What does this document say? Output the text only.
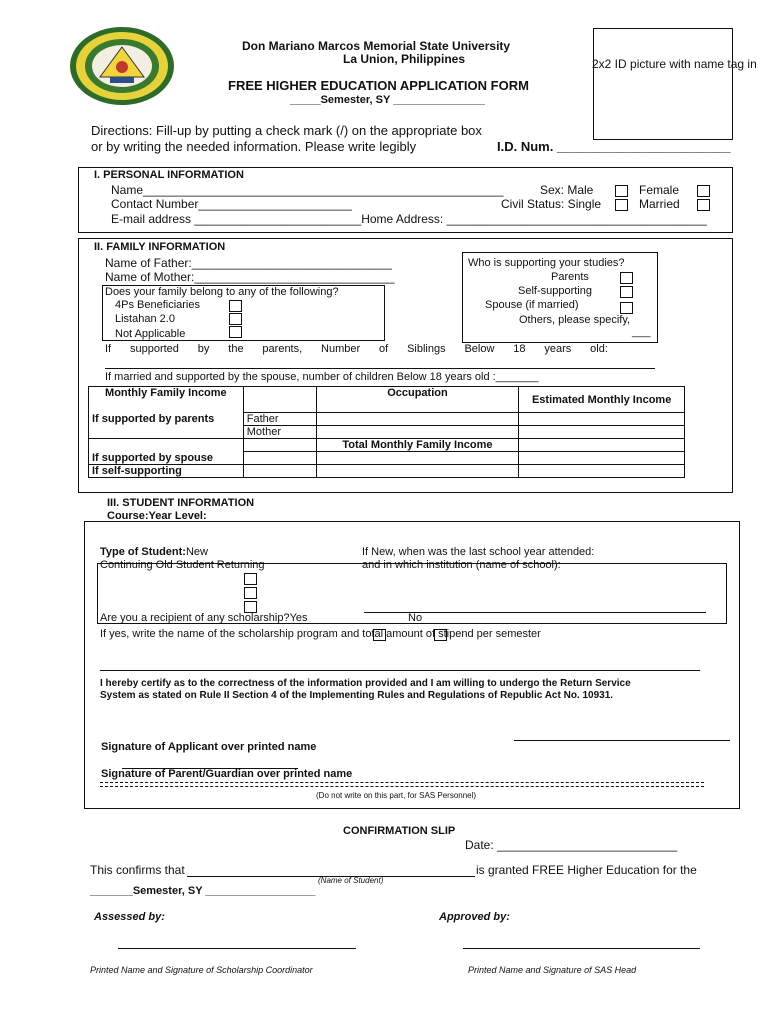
Don Mariano Marcos Memorial State University
La Union, Philippines
FREE HIGHER EDUCATION APPLICATION FORM
_____Semester, SY _______________
2x2 ID picture with name tag in
Directions: Fill-up by putting a check mark (/) on the appropriate box
or by writing the needed information. Please write legibly	I.D. Num. ________________________
I. PERSONAL INFORMATION
Name______________________________________________________	Sex: Male	Female
Contact Number_______________________	Civil Status: Single	Married
E-mail address _________________________Home Address: _______________________________________
II. FAMILY INFORMATION
Name of Father:______________________________
Name of Mother:______________________________
Does your family belong to any of the following?
4Ps Beneficiaries
Listahan 2.0
Not Applicable
Who is supporting your studies?
Parents
Self-supporting
Spouse (if married)
Others, please specify,
___
If supported by the parents, Number of Siblings Below 18 years old:
If married and supported by the spouse, number of children Below 18 years old :_______
Monthly Family Income		Occupation	Estimated Monthly Income
If supported by parents	Father		
	Mother		
		Total Monthly Family Income	
If supported by spouse			
If self-supporting			
III. STUDENT INFORMATION
Course:Year Level:
Type of Student:New
Continuing Old Student Returning
If New, when was the last school year attended:
and in which institution (name of school):
Are you a recipient of any scholarship?Yes	No
If yes, write the name of the scholarship program and total amount of stipend per semester
I hereby certify as to the correctness of the information provided and I am willing to undergo the Return Service
System as stated on Rule II Section 4 of the Implementing Rules and Regulations of Republic Act No. 10931.
Signature of Applicant over printed name
Signature of Parent/Guardian over printed name
(Do not write on this part, for SAS Personnel)
CONFIRMATION SLIP
Date: ___________________________
This confirms that	is granted FREE Higher Education for the
(Name of Student)
_______Semester, SY __________________
Assessed by:	Approved by:
Printed Name and Signature of Scholarship Coordinator	Printed Name and Signature of SAS Head
